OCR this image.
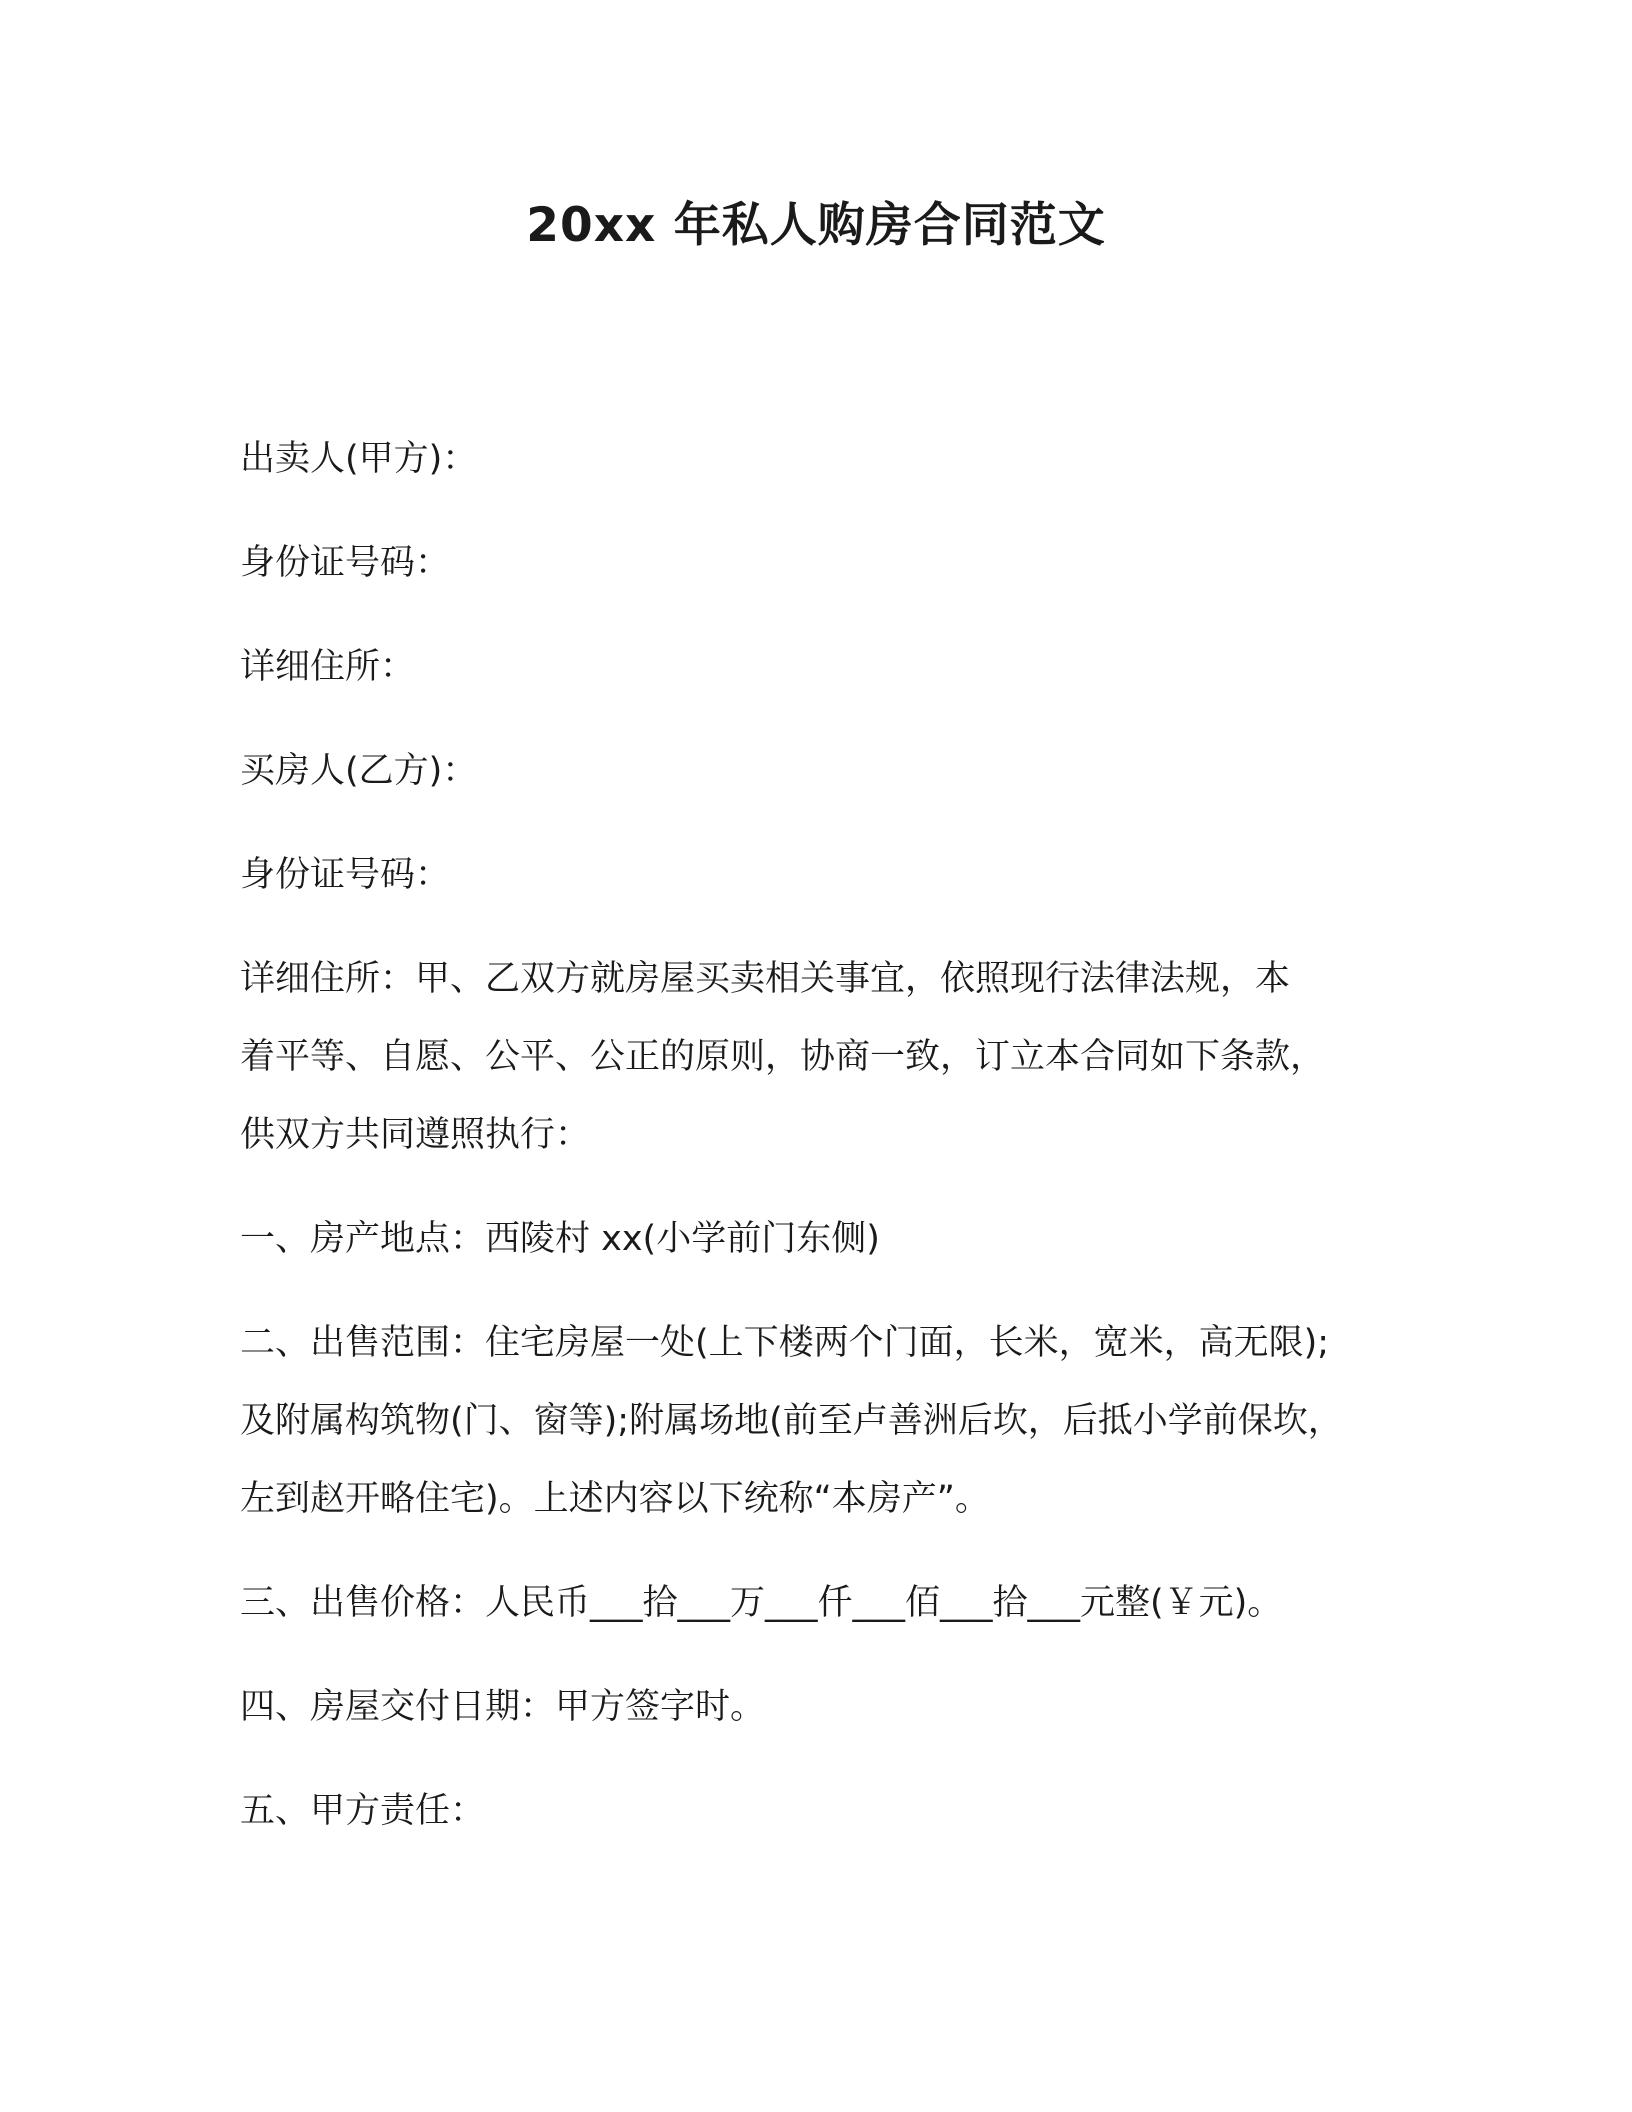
20xx 年私人购房合同范文

出卖人(甲方)：

身份证号码：

详细住所：

买房人(乙方)：

身份证号码：

详细住所：甲、乙双方就房屋买卖相关事宜，依照现行法律法规，本
着平等、自愿、公平、公正的原则，协商一致，订立本合同如下条款，
供双方共同遵照执行：

一、房产地点：西陵村 xx(小学前门东侧)

二、出售范围：住宅房屋一处(上下楼两个门面，长米，宽米，高无限);
及附属构筑物(门、窗等);附属场地(前至卢善洲后坎，后抵小学前保坎，
左到赵开略住宅)。上述内容以下统称“本房产”。

三、出售价格：人民币___拾___万___仟___佰___拾___元整(￥元)。

四、房屋交付日期：甲方签字时。

五、甲方责任：
